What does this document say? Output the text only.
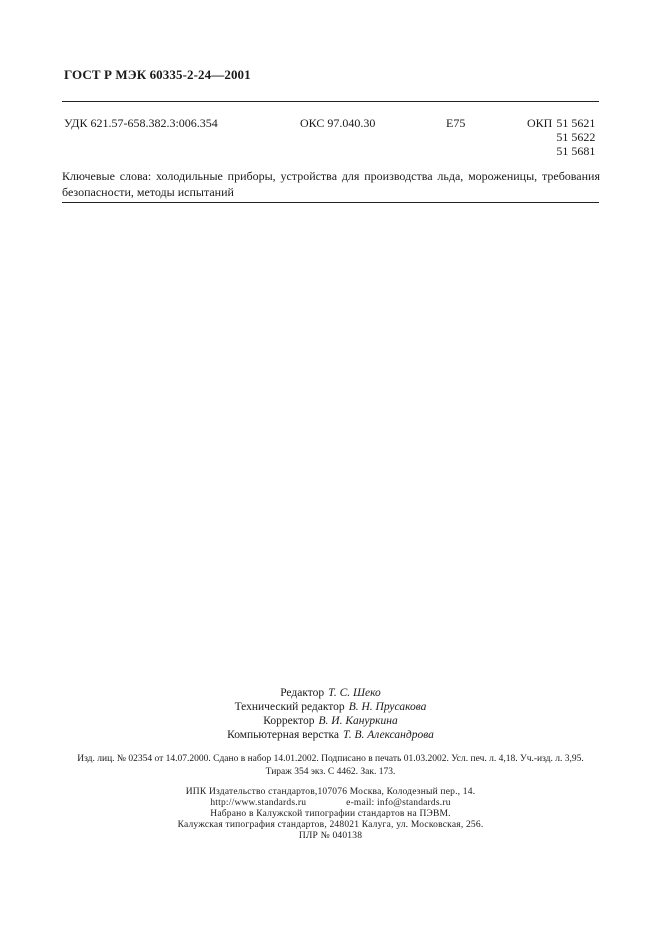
ГОСТ Р МЭК 60335-2-24—2001
УДК 621.57-658.382.3:006.354	ОКС 97.040.30	Е75	ОКП 51 5621
51 5622
51 5681
Ключевые слова: холодильные приборы, устройства для производства льда, мороженицы, требования безопасности, методы испытаний
Редактор Т. С. Шеко
Технический редактор В. Н. Прусакова
Корректор В. И. Кануркина
Компьютерная верстка Т. В. Александрова
Изд. лиц. № 02354 от 14.07.2000. Сдано в набор 14.01.2002. Подписано в печать 01.03.2002. Усл. печ. л. 4,18. Уч.-изд. л. 3,95.
Тираж 354 экз. С 4462. Зак. 173.
ИПК Издательство стандартов,107076 Москва, Колодезный пер., 14.
http://www.standards.ru	e-mail: info@standards.ru
Набрано в Калужской типографии стандартов на ПЭВМ.
Калужская типография стандартов, 248021 Калуга, ул. Московская, 256.
ПЛР № 040138
